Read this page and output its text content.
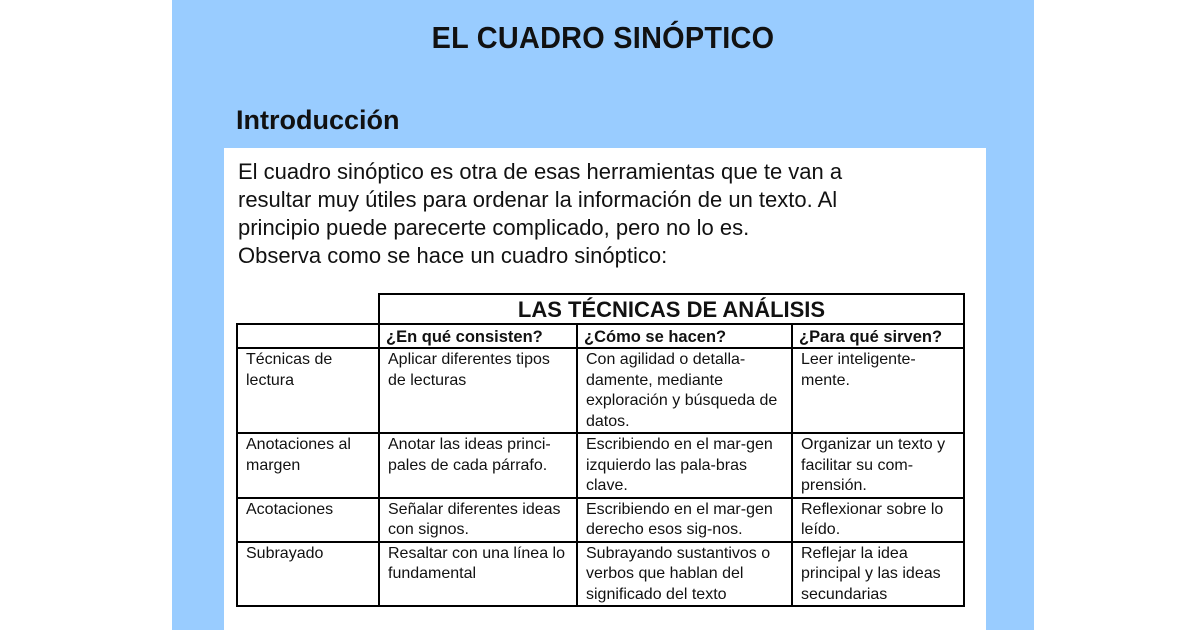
EL CUADRO SINÓPTICO
Introducción

El cuadro sinóptico es otra de esas herramientas que te van a

resultar muy útiles para ordenar la información de un texto. Al

principio puede parecerte complicado, pero no lo es.

Observa como se hace un cuadro sinóptico:

	LAS TÉCNICAS DE ANÁLISIS		
	¿En qué consisten?	¿Cómo se hacen?	¿Para qué sirven?
Técnicas de lectura	Aplicar diferentes tipos de lecturas	Con agilidad o detalla-damente, mediante exploración y búsqueda de datos.	Leer inteligente-mente.
Anotaciones al margen	Anotar las ideas princi-pales de cada párrafo.	Escribiendo en el mar-gen izquierdo las pala-bras clave.	Organizar un texto y facilitar su com-prensión.
Acotaciones	Señalar diferentes ideas con signos.	Escribiendo en el mar-gen derecho esos sig-nos.	Reflexionar sobre lo leído.
Subrayado	Resaltar con una línea lo fundamental	Subrayando sustantivos o verbos que hablan del significado del texto	Reflejar la idea principal y las ideas secundarias
